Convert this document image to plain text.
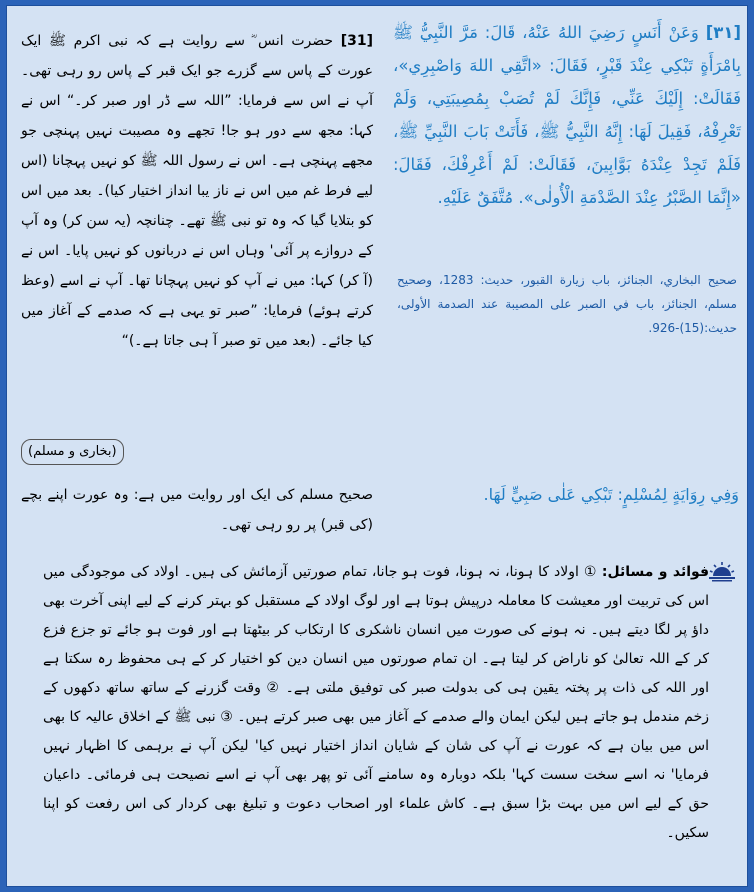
[٣١] وَعَنْ أَنَسٍ رَضِيَ اللهُ عَنْهُ، قَالَ: مَرَّ النَّبِيُّ ﷺ بِامْرَأَةٍ تَبْكِي عِنْدَ قَبْرٍ، فَقَالَ: «اتَّقِي اللهَ وَاصْبِرِي»، فَقَالَتْ: إِلَيْكَ عَنِّي، فَإِنَّكَ لَمْ تُصَبْ بِمُصِيبَتِي، وَلَمْ تَعْرِفْهُ، فَقِيلَ لَهَا: إِنَّهُ النَّبِيُّ ﷺ، فَأَتَتْ بَابَ النَّبِيِّ ﷺ، فَلَمْ تَجِدْ عِنْدَهُ بَوَّابِينَ، فَقَالَتْ: لَمْ أَعْرِفْكَ، فَقَالَ: «إِنَّمَا الصَّبْرُ عِنْدَ الصَّدْمَةِ الْأُولٰى». مُتَّفَقٌ عَلَيْهِ.
صحيح البخاري، الجنائز، باب زيارة القبور، حديث: 1283، وصحيح مسلم، الجنائز، باب في الصبر على المصيبة عند الصدمة الأولى، حديث:(15)-926.
[31] حضرت انس ؓ سے روایت ہے کہ نبی اکرم ﷺ ایک عورت کے پاس سے گزرے جو ایک قبر کے پاس رو رہی تھی۔ آپ نے اس سے فرمایا: ”اللہ سے ڈر اور صبر کر۔“ اس نے کہا: مجھ سے دور ہو جا! تجھے وہ مصیبت نہیں پہنچی جو مجھے پہنچی ہے۔ اس نے رسول اللہ ﷺ کو نہیں پہچانا (اس لیے فرط غم میں اس نے ناز یبا انداز اختیار کیا)۔ بعد میں اس کو بتلایا گیا کہ وہ تو نبی ﷺ تھے۔ چنانچہ (یہ سن کر) وہ آپ کے دروازے پر آئی' وہاں اس نے دربانوں کو نہیں پایا۔ اس نے (آ کر) کہا: میں نے آپ کو نہیں پہچانا تھا۔ آپ نے اسے (وعظ کرتے ہوئے) فرمایا: ”صبر تو یہی ہے کہ صدمے کے آغاز میں کیا جائے۔ (بعد میں تو صبر آ ہی جاتا ہے۔)“
(بخاری و مسلم)
وَفِي رِوَايَةٍ لِمُسْلِمٍ: تَبْكِي عَلٰى صَبِيٍّ لَهَا.
صحیح مسلم کی ایک اور روایت میں ہے: وہ عورت اپنے بچے (کی قبر) پر رو رہی تھی۔
فوائد و مسائل: ① اولاد کا ہونا، نہ ہونا، فوت ہو جانا، تمام صورتیں آزمائش کی ہیں۔ اولاد کی موجودگی میں اس کی تربیت اور معیشت کا معاملہ درپیش ہوتا ہے اور لوگ اولاد کے مستقبل کو بہتر کرنے کے لیے اپنی آخرت بھی داؤ پر لگا دیتے ہیں۔ نہ ہونے کی صورت میں انسان ناشکری کا ارتکاب کر بیٹھتا ہے اور فوت ہو جائے تو جزع فزع کر کے اللہ تعالیٰ کو ناراض کر لیتا ہے۔ ان تمام صورتوں میں انسان دین کو اختیار کر کے ہی محفوظ رہ سکتا ہے اور اللہ کی ذات پر پختہ یقین ہی کی بدولت صبر کی توفیق ملتی ہے۔ ② وقت گزرنے کے ساتھ ساتھ دکھوں کے زخم مندمل ہو جاتے ہیں لیکن ایمان والے صدمے کے آغاز میں بھی صبر کرتے ہیں۔ ③ نبی ﷺ کے اخلاق عالیہ کا بھی اس میں بیان ہے کہ عورت نے آپ کی شان کے شایان انداز اختیار نہیں کیا' لیکن آپ نے برہمی کا اظہار نہیں فرمایا' نہ اسے سخت سست کہا' بلکہ دوبارہ وہ سامنے آئی تو پھر بھی آپ نے اسے نصیحت ہی فرمائی۔ داعیان حق کے لیے اس میں بہت بڑا سبق ہے۔ کاش علماء اور اصحاب دعوت و تبلیغ بھی کردار کی اس رفعت کو اپنا سکیں۔
